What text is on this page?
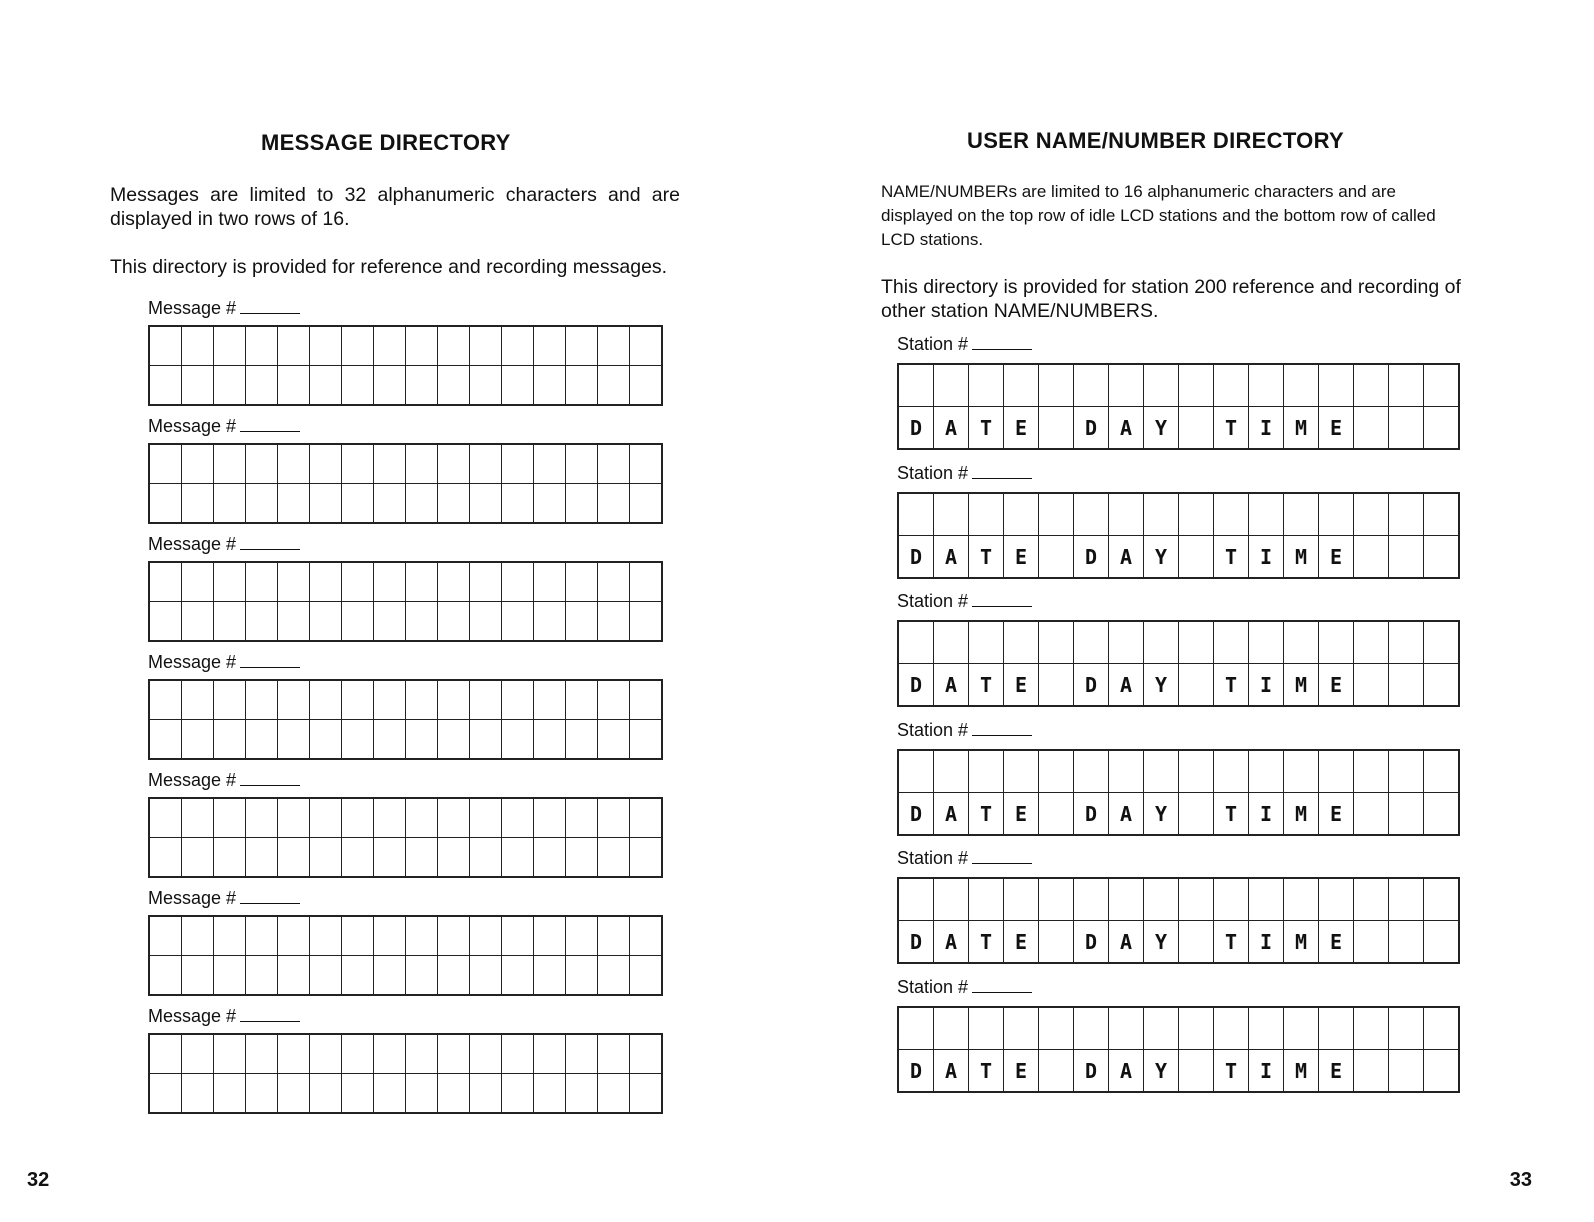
MESSAGE DIRECTORY

Messages are limited to 32 alphanumeric characters and are displayed in two rows of 16.

This directory is provided for reference and recording messages.

Message #

Message #

Message #

Message #

Message #

Message #

Message #

32
USER NAME/NUMBER DIRECTORY

NAME/NUMBERs are limited to 16 alphanumeric characters and are displayed on the top row of idle LCD stations and the bottom row of called LCD stations.

This directory is provided for station 200 reference and recording of other station NAME/NUMBERS.

Station #

D	A	T	E		D	A	Y		T	I	M	E			
Station #

D	A	T	E		D	A	Y		T	I	M	E			
Station #

D	A	T	E		D	A	Y		T	I	M	E			
Station #

D	A	T	E		D	A	Y		T	I	M	E			
Station #

D	A	T	E		D	A	Y		T	I	M	E			
Station #

D	A	T	E		D	A	Y		T	I	M	E			
33
